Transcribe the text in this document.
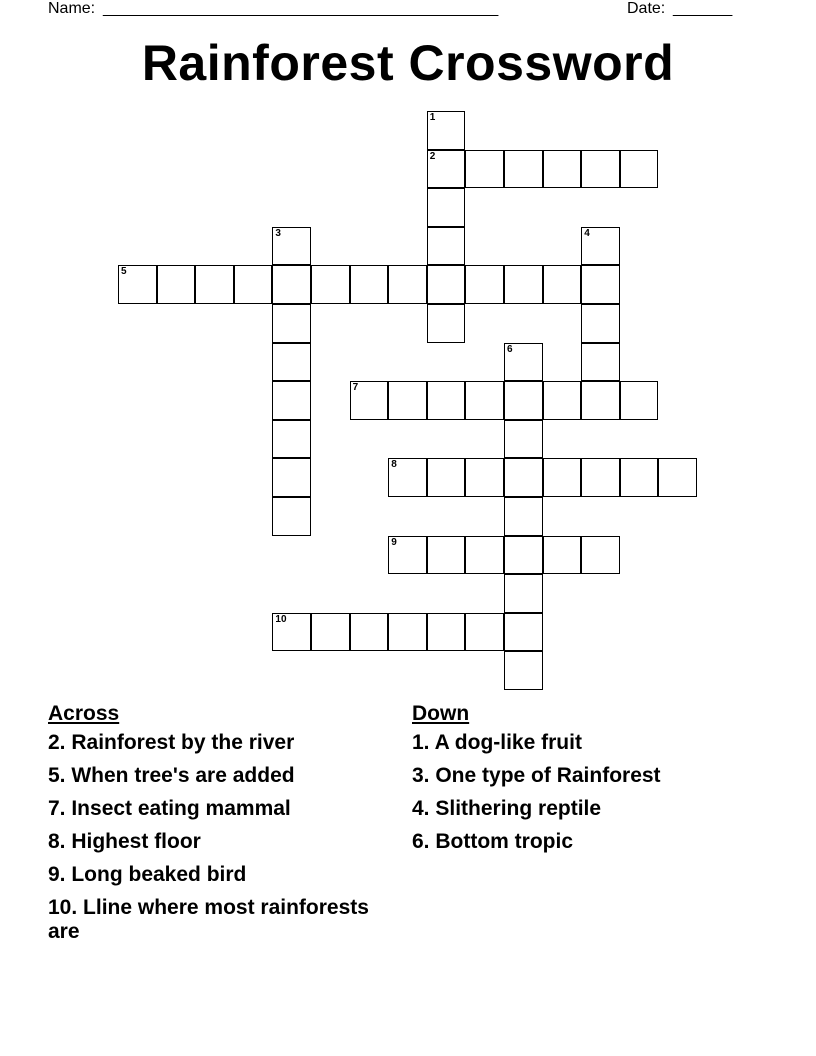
Name: _______________________________________________	Date: _______
Rainforest Crossword
1
2
3	4
5
6
7
8
9
10
Across
2. Rainforest by the river
5. When tree's are added
7. Insect eating mammal
8. Highest floor
9. Long beaked bird
10. Lline where most rainforests are
Down
1. A dog-like fruit
3. One type of Rainforest
4. Slithering reptile
6. Bottom tropic
